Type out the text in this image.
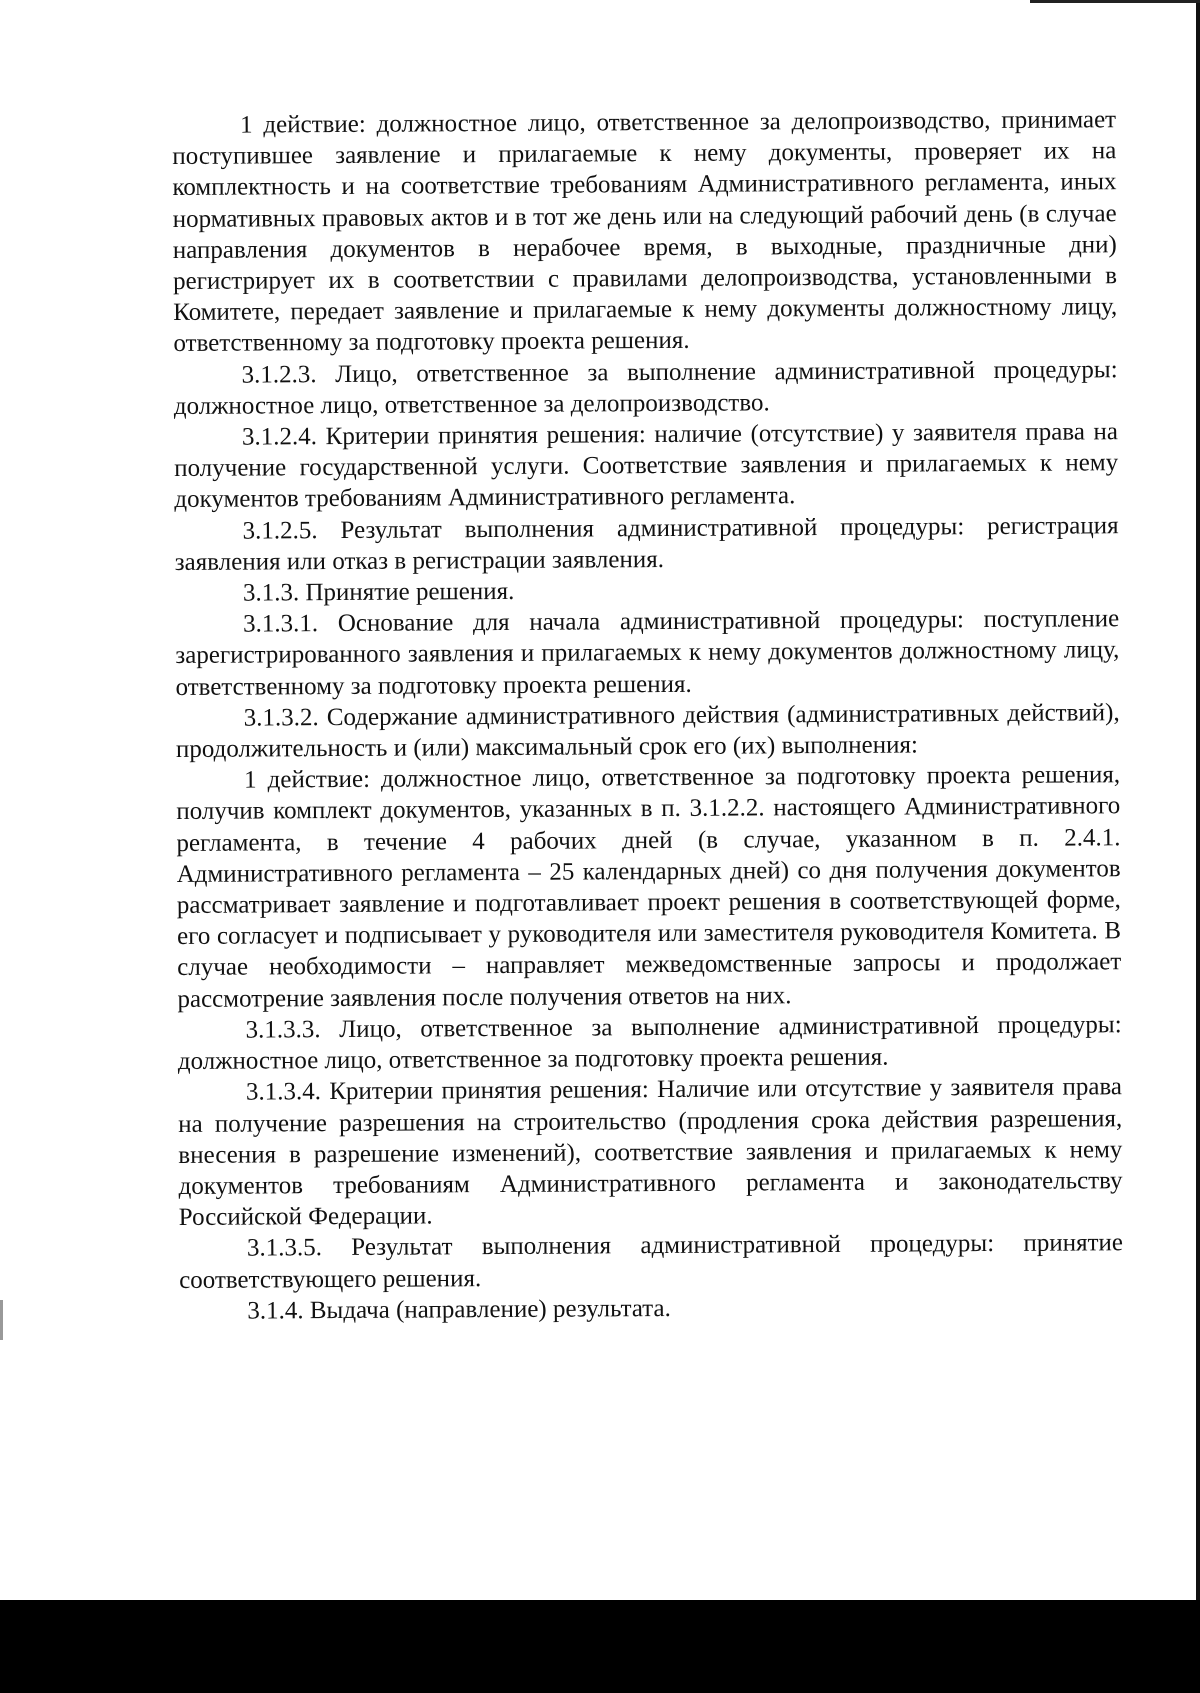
1 действие: должностное лицо, ответственное за делопроизводство, принимает поступившее заявление и прилагаемые к нему документы, проверяет их на комплектность и на соответствие требованиям Административного регламента, иных нормативных правовых актов и в тот же день или на следующий рабочий день (в случае направления документов в нерабочее время, в выходные, праздничные дни) регистрирует их в соответствии с правилами делопроизводства, установленными в Комитете, передает заявление и прилагаемые к нему документы должностному лицу, ответственному за подготовку проекта решения.

3.1.2.3. Лицо, ответственное за выполнение административной процедуры: должностное лицо, ответственное за делопроизводство.

3.1.2.4. Критерии принятия решения: наличие (отсутствие) у заявителя права на получение государственной услуги. Соответствие заявления и прилагаемых к нему документов требованиям Административного регламента.

3.1.2.5. Результат выполнения административной процедуры: регистрация заявления или отказ в регистрации заявления.

3.1.3. Принятие решения.

3.1.3.1. Основание для начала административной процедуры: поступление зарегистрированного заявления и прилагаемых к нему документов должностному лицу, ответственному за подготовку проекта решения.

3.1.3.2. Содержание административного действия (административных действий), продолжительность и (или) максимальный срок его (их) выполнения:

1 действие: должностное лицо, ответственное за подготовку проекта решения, получив комплект документов, указанных в п. 3.1.2.2. настоящего Административного регламента, в течение 4 рабочих дней (в случае, указанном в п. 2.4.1. Административного регламента – 25 календарных дней) со дня получения документов рассматривает заявление и подготавливает проект решения в соответствующей форме, его согласует и подписывает у руководителя или заместителя руководителя Комитета. В случае необходимости – направляет межведомственные запросы и продолжает рассмотрение заявления после получения ответов на них.

3.1.3.3. Лицо, ответственное за выполнение административной процедуры: должностное лицо, ответственное за подготовку проекта решения.

3.1.3.4. Критерии принятия решения: Наличие или отсутствие у заявителя права на получение разрешения на строительство (продления срока действия разрешения, внесения в разрешение изменений), соответствие заявления и прилагаемых к нему документов требованиям Административного регламента и законодательству Российской Федерации.

3.1.3.5. Результат выполнения административной процедуры: принятие соответствующего решения.

3.1.4. Выдача (направление) результата.
